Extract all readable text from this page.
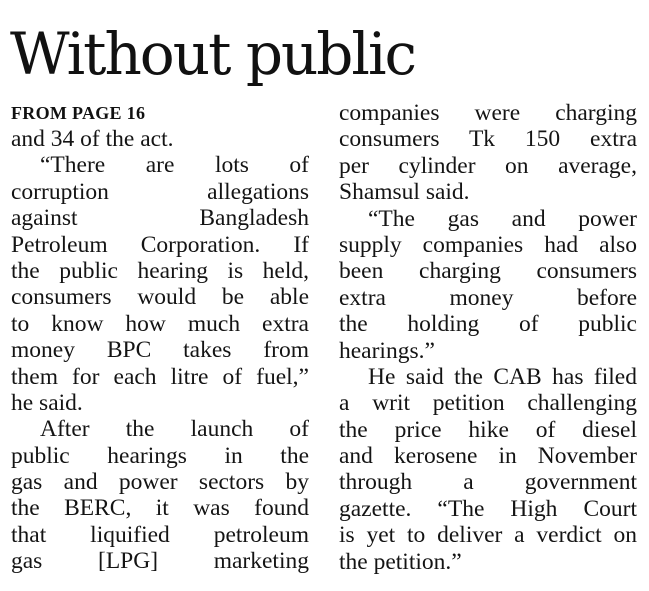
Without public
FROM PAGE 16
and 34 of the act.
“There are lots of
corruption allegations
against Bangladesh
Petroleum Corporation. If
the public hearing is held,
consumers would be able
to know how much extra
money BPC takes from
them for each litre of fuel,”
he said.
After the launch of
public hearings in the
gas and power sectors by
the BERC, it was found
that liquified petroleum
gas [LPG] marketing
companies were charging
consumers Tk 150 extra
per cylinder on average,
Shamsul said.
“The gas and power
supply companies had also
been charging consumers
extra money before
the holding of public
hearings.”
He said the CAB has filed
a writ petition challenging
the price hike of diesel
and kerosene in November
through a government
gazette. “The High Court
is yet to deliver a verdict on
the petition.”
